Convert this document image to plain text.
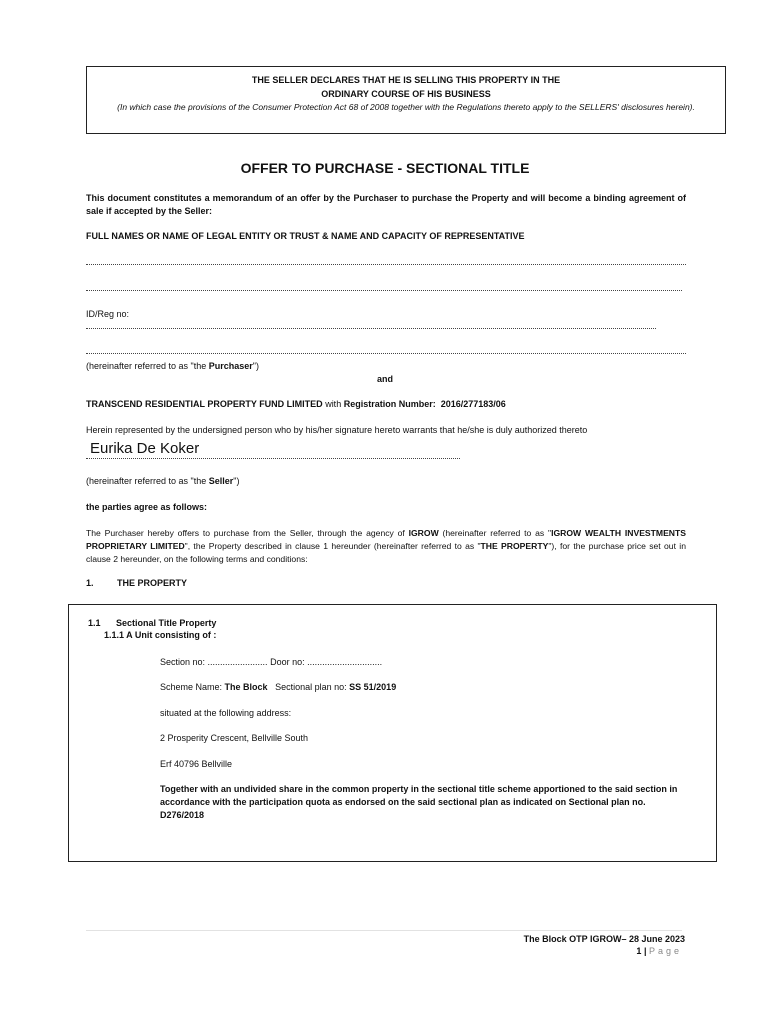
THE SELLER DECLARES THAT HE IS SELLING THIS PROPERTY IN THE
ORDINARY COURSE OF HIS BUSINESS
(In which case the provisions of the Consumer Protection Act 68 of 2008 together with the Regulations thereto apply to the SELLERS' disclosures herein).
OFFER TO PURCHASE - SECTIONAL TITLE
This document constitutes a memorandum of an offer by the Purchaser to purchase the Property and will become a binding agreement of sale if accepted by the Seller:
FULL NAMES OR NAME OF LEGAL ENTITY OR TRUST & NAME AND CAPACITY OF REPRESENTATIVE
ID/Reg no:
(hereinafter referred to as "the Purchaser")
and
TRANSCEND RESIDENTIAL PROPERTY FUND LIMITED with Registration Number: 2016/277183/06
Herein represented by the undersigned person who by his/her signature hereto warrants that he/she is duly authorized thereto
Eurika De Koker
(hereinafter referred to as "the Seller")
the parties agree as follows:
The Purchaser hereby offers to purchase from the Seller, through the agency of IGROW (hereinafter referred to as "IGROW WEALTH INVESTMENTS PROPRIETARY LIMITED", the Property described in clause 1 hereunder (hereinafter referred to as "THE PROPERTY"), for the purchase price set out in clause 2 hereunder, on the following terms and conditions:
1.	THE PROPERTY
1.1 Sectional Title Property
1.1.1 A Unit consisting of :
Section no: ........................ Door no: ..............................
Scheme Name: The Block Sectional plan no: SS 51/2019
situated at the following address:
2 Prosperity Crescent, Bellville South
Erf 40796 Bellville
Together with an undivided share in the common property in the sectional title scheme apportioned to the said section in accordance with the participation quota as endorsed on the said sectional plan as indicated on Sectional plan no. D276/2018
The Block OTP IGROW– 28 June 2023
1 | Page
